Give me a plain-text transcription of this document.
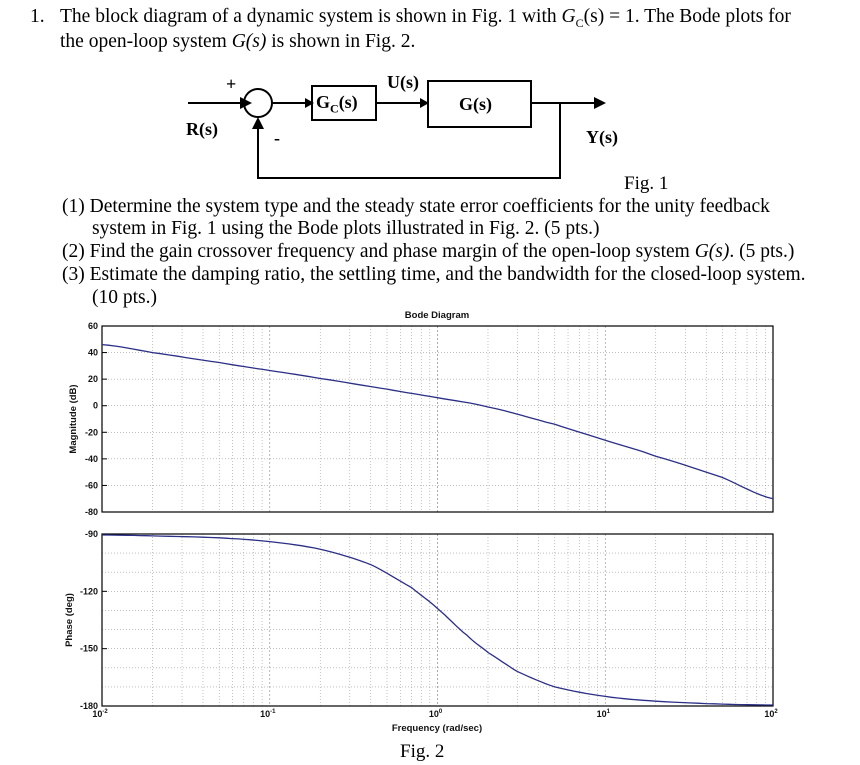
1. The block diagram of a dynamic system is shown in Fig. 1 with $G_C(s) = 1$. The Bode plots for
the open-loop system G(s) is shown in Fig. 2.
+
-
R(s)
$G_C(s)$
U(s)
G(s)
Y(s)
Fig. 1
(1) Determine the system type and the steady state error coefficients for the unity feedback
system in Fig. 1 using the Bode plots illustrated in Fig. 2. (5 pts.)
(2) Find the gain crossover frequency and phase margin of the open-loop system G(s). (5 pts.)
(3) Estimate the damping ratio, the settling time, and the bandwidth for the closed-loop system.
(10 pts.)
Bode Diagram
60
40
20
0
-20
-40
-60
-80
-90
-120
-150
-180
$10^{-2}$	$10^{-1}$	$10^0$	$10^1$	$10^2$
Magnitude (dB)
Phase (deg)
Frequency (rad/sec)
Fig. 2
